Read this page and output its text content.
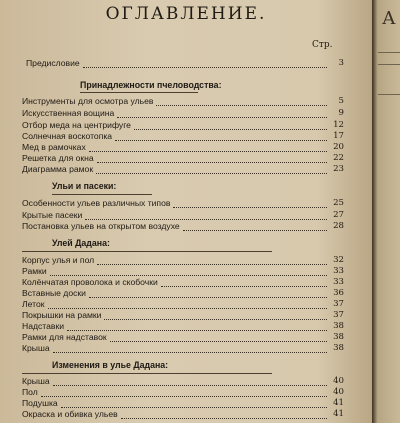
ОГЛАВЛЕНИЕ.
Стр.
Предисловие	3
Принадлежности пчеловодства:
Инструменты для осмотра ульев	5
Искусственная вощина	9
Отбор меда на центрифуге	12
Солнечная воскотопка	17
Мед в рамочках	20
Решетка для окна	22
Диаграмма рамок	23
Ульи и пасеки:
Особенности ульев различных типов	25
Крытые пасеки	27
Постановка ульев на открытом воздухе	28
Улей Дадана:
Корпус улья и пол	32
Рамки	33
Колёнчатая проволока и скобочки	33
Вставные доски	36
Леток	37
Покрышки на рамки	37
Надставки	38
Рамки для надставок	38
Крыша	38
Изменения в улье Дадана:
Крыша	40
Пол	40
Подушка	41
Окраска и обивка ульев	41
А
